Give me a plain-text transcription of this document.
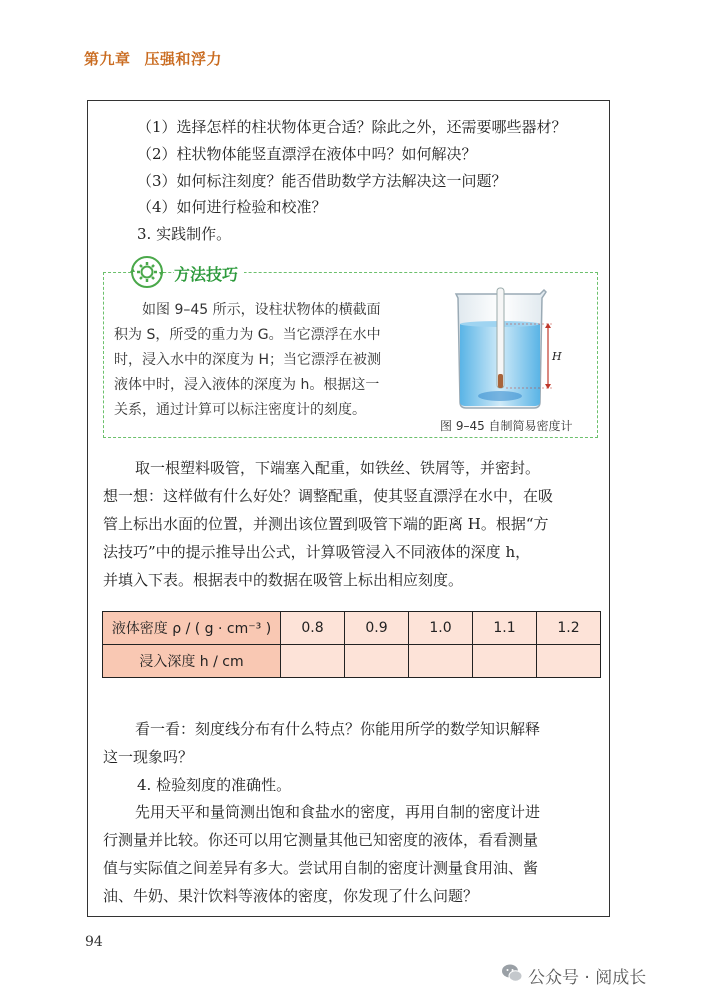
第九章 压强和浮力
（1）选择怎样的柱状物体更合适？除此之外，还需要哪些器材？
（2）柱状物体能竖直漂浮在液体中吗？如何解决？
（3）如何标注刻度？能否借助数学方法解决这一问题？
（4）如何进行检验和校准？
3. 实践制作。
方法技巧
如图 9–45 所示，设柱状物体的横截面
积为 S，所受的重力为 G。当它漂浮在水中
时，浸入水中的深度为 H；当它漂浮在被测
液体中时，浸入液体的深度为 h。根据这一
关系，通过计算可以标注密度计的刻度。
H
图 9–45 自制简易密度计
取一根塑料吸管，下端塞入配重，如铁丝、铁屑等，并密封。
想一想：这样做有什么好处？调整配重，使其竖直漂浮在水中，在吸
管上标出水面的位置，并测出该位置到吸管下端的距离 H。根据“方
法技巧”中的提示推导出公式，计算吸管浸入不同液体的深度 h，
并填入下表。根据表中的数据在吸管上标出相应刻度。
液体密度 ρ / ( g · cm⁻³ )	0.8	0.9	1.0	1.1	1.2
浸入深度 h / cm					
看一看：刻度线分布有什么特点？你能用所学的数学知识解释
这一现象吗？
4. 检验刻度的准确性。
先用天平和量筒测出饱和食盐水的密度，再用自制的密度计进
行测量并比较。你还可以用它测量其他已知密度的液体，看看测量
值与实际值之间差异有多大。尝试用自制的密度计测量食用油、酱
油、牛奶、果汁饮料等液体的密度，你发现了什么问题？
94
公众号 · 阅成长
